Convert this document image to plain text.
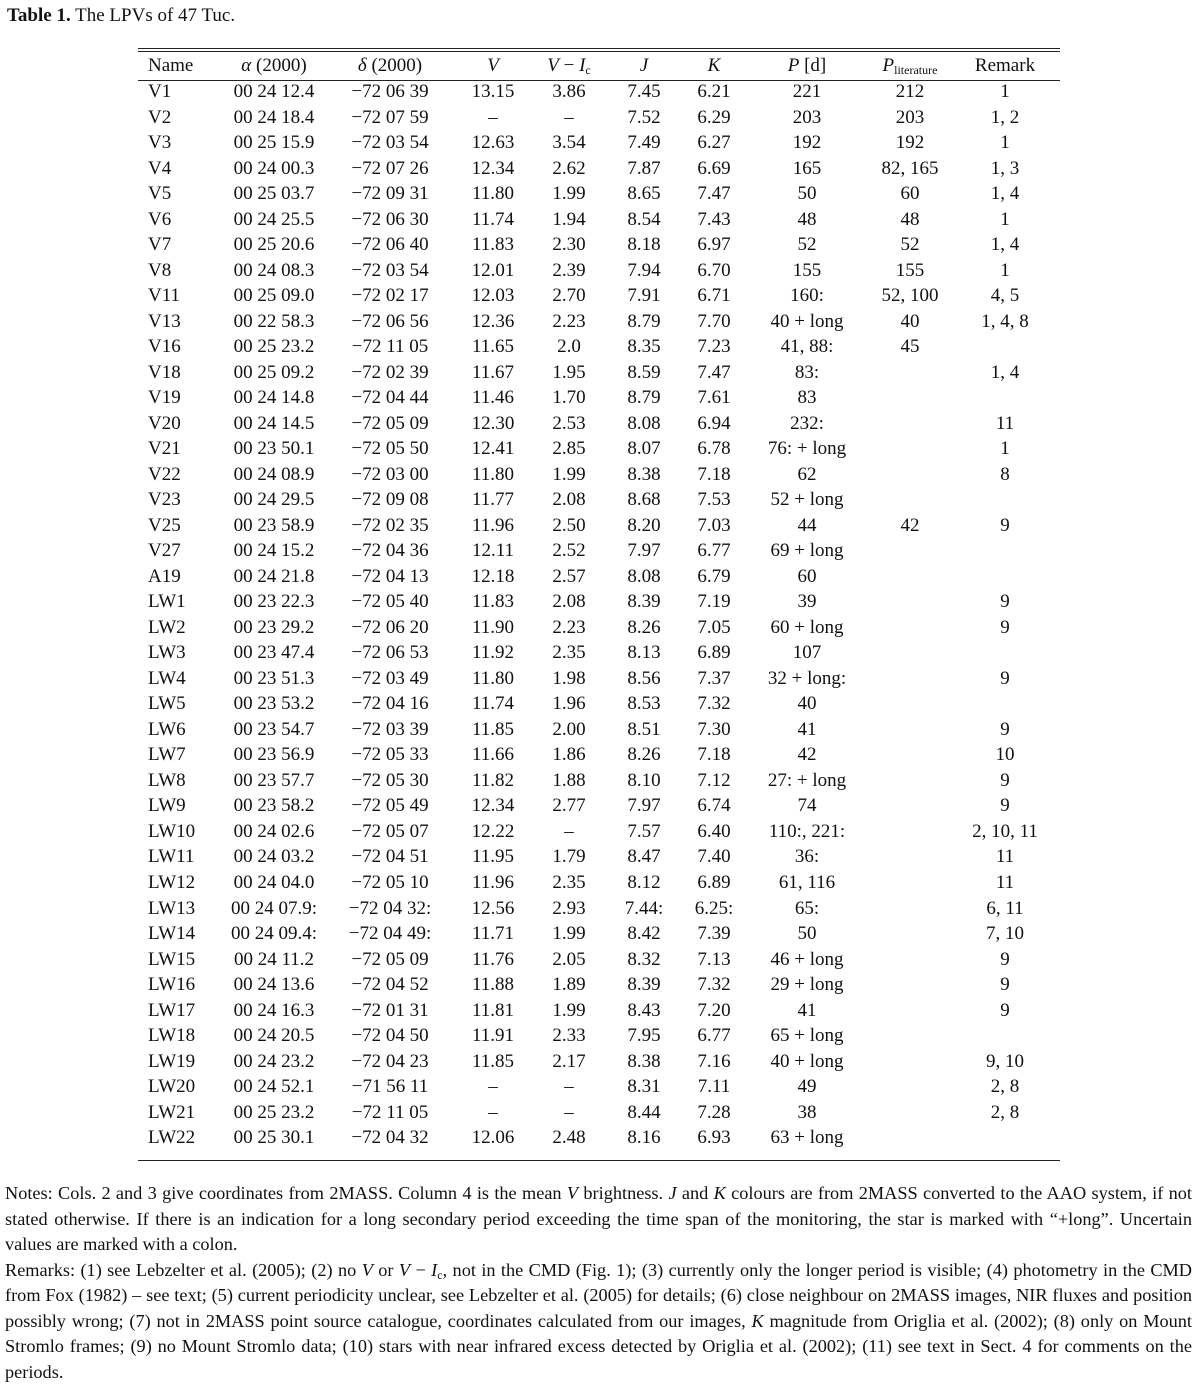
Table 1. The LPVs of 47 Tuc.
Name	α (2000)	δ (2000)	V	$V - I_c$	J	K	P [d]	$P_{literature}$	Remark
V1	00 24 12.4	−72 06 39	13.15	3.86	7.45	6.21	221	212	1
V2	00 24 18.4	−72 07 59	–	–	7.52	6.29	203	203	1, 2
V3	00 25 15.9	−72 03 54	12.63	3.54	7.49	6.27	192	192	1
V4	00 24 00.3	−72 07 26	12.34	2.62	7.87	6.69	165	82, 165	1, 3
V5	00 25 03.7	−72 09 31	11.80	1.99	8.65	7.47	50	60	1, 4
V6	00 24 25.5	−72 06 30	11.74	1.94	8.54	7.43	48	48	1
V7	00 25 20.6	−72 06 40	11.83	2.30	8.18	6.97	52	52	1, 4
V8	00 24 08.3	−72 03 54	12.01	2.39	7.94	6.70	155	155	1
V11	00 25 09.0	−72 02 17	12.03	2.70	7.91	6.71	160:	52, 100	4, 5
V13	00 22 58.3	−72 06 56	12.36	2.23	8.79	7.70	40 + long	40	1, 4, 8
V16	00 25 23.2	−72 11 05	11.65	2.0	8.35	7.23	41, 88:	45	
V18	00 25 09.2	−72 02 39	11.67	1.95	8.59	7.47	83:		1, 4
V19	00 24 14.8	−72 04 44	11.46	1.70	8.79	7.61	83		
V20	00 24 14.5	−72 05 09	12.30	2.53	8.08	6.94	232:		11
V21	00 23 50.1	−72 05 50	12.41	2.85	8.07	6.78	76: + long		1
V22	00 24 08.9	−72 03 00	11.80	1.99	8.38	7.18	62		8
V23	00 24 29.5	−72 09 08	11.77	2.08	8.68	7.53	52 + long		
V25	00 23 58.9	−72 02 35	11.96	2.50	8.20	7.03	44	42	9
V27	00 24 15.2	−72 04 36	12.11	2.52	7.97	6.77	69 + long		
A19	00 24 21.8	−72 04 13	12.18	2.57	8.08	6.79	60		
LW1	00 23 22.3	−72 05 40	11.83	2.08	8.39	7.19	39		9
LW2	00 23 29.2	−72 06 20	11.90	2.23	8.26	7.05	60 + long		9
LW3	00 23 47.4	−72 06 53	11.92	2.35	8.13	6.89	107		
LW4	00 23 51.3	−72 03 49	11.80	1.98	8.56	7.37	32 + long:		9
LW5	00 23 53.2	−72 04 16	11.74	1.96	8.53	7.32	40		
LW6	00 23 54.7	−72 03 39	11.85	2.00	8.51	7.30	41		9
LW7	00 23 56.9	−72 05 33	11.66	1.86	8.26	7.18	42		10
LW8	00 23 57.7	−72 05 30	11.82	1.88	8.10	7.12	27: + long		9
LW9	00 23 58.2	−72 05 49	12.34	2.77	7.97	6.74	74		9
LW10	00 24 02.6	−72 05 07	12.22	–	7.57	6.40	110:, 221:		2, 10, 11
LW11	00 24 03.2	−72 04 51	11.95	1.79	8.47	7.40	36:		11
LW12	00 24 04.0	−72 05 10	11.96	2.35	8.12	6.89	61, 116		11
LW13	00 24 07.9:	−72 04 32:	12.56	2.93	7.44:	6.25:	65:		6, 11
LW14	00 24 09.4:	−72 04 49:	11.71	1.99	8.42	7.39	50		7, 10
LW15	00 24 11.2	−72 05 09	11.76	2.05	8.32	7.13	46 + long		9
LW16	00 24 13.6	−72 04 52	11.88	1.89	8.39	7.32	29 + long		9
LW17	00 24 16.3	−72 01 31	11.81	1.99	8.43	7.20	41		9
LW18	00 24 20.5	−72 04 50	11.91	2.33	7.95	6.77	65 + long		
LW19	00 24 23.2	−72 04 23	11.85	2.17	8.38	7.16	40 + long		9, 10
LW20	00 24 52.1	−71 56 11	–	–	8.31	7.11	49		2, 8
LW21	00 25 23.2	−72 11 05	–	–	8.44	7.28	38		2, 8
LW22	00 25 30.1	−72 04 32	12.06	2.48	8.16	6.93	63 + long		

Notes: Cols. 2 and 3 give coordinates from 2MASS. Column 4 is the mean V brightness. J and K colours are from 2MASS converted to the AAO system, if not stated otherwise. If there is an indication for a long secondary period exceeding the time span of the monitoring, the star is marked with “+long”. Uncertain values are marked with a colon.

Remarks: (1) see Lebzelter et al. (2005); (2) no V or $V - I_c$, not in the CMD (Fig. 1); (3) currently only the longer period is visible; (4) photometry in the CMD from Fox (1982) – see text; (5) current periodicity unclear, see Lebzelter et al. (2005) for details; (6) close neighbour on 2MASS images, NIR fluxes and position possibly wrong; (7) not in 2MASS point source catalogue, coordinates calculated from our images, K magnitude from Origlia et al. (2002); (8) only on Mount Stromlo frames; (9) no Mount Stromlo data; (10) stars with near infrared excess detected by Origlia et al. (2002); (11) see text in Sect. 4 for comments on the periods.
